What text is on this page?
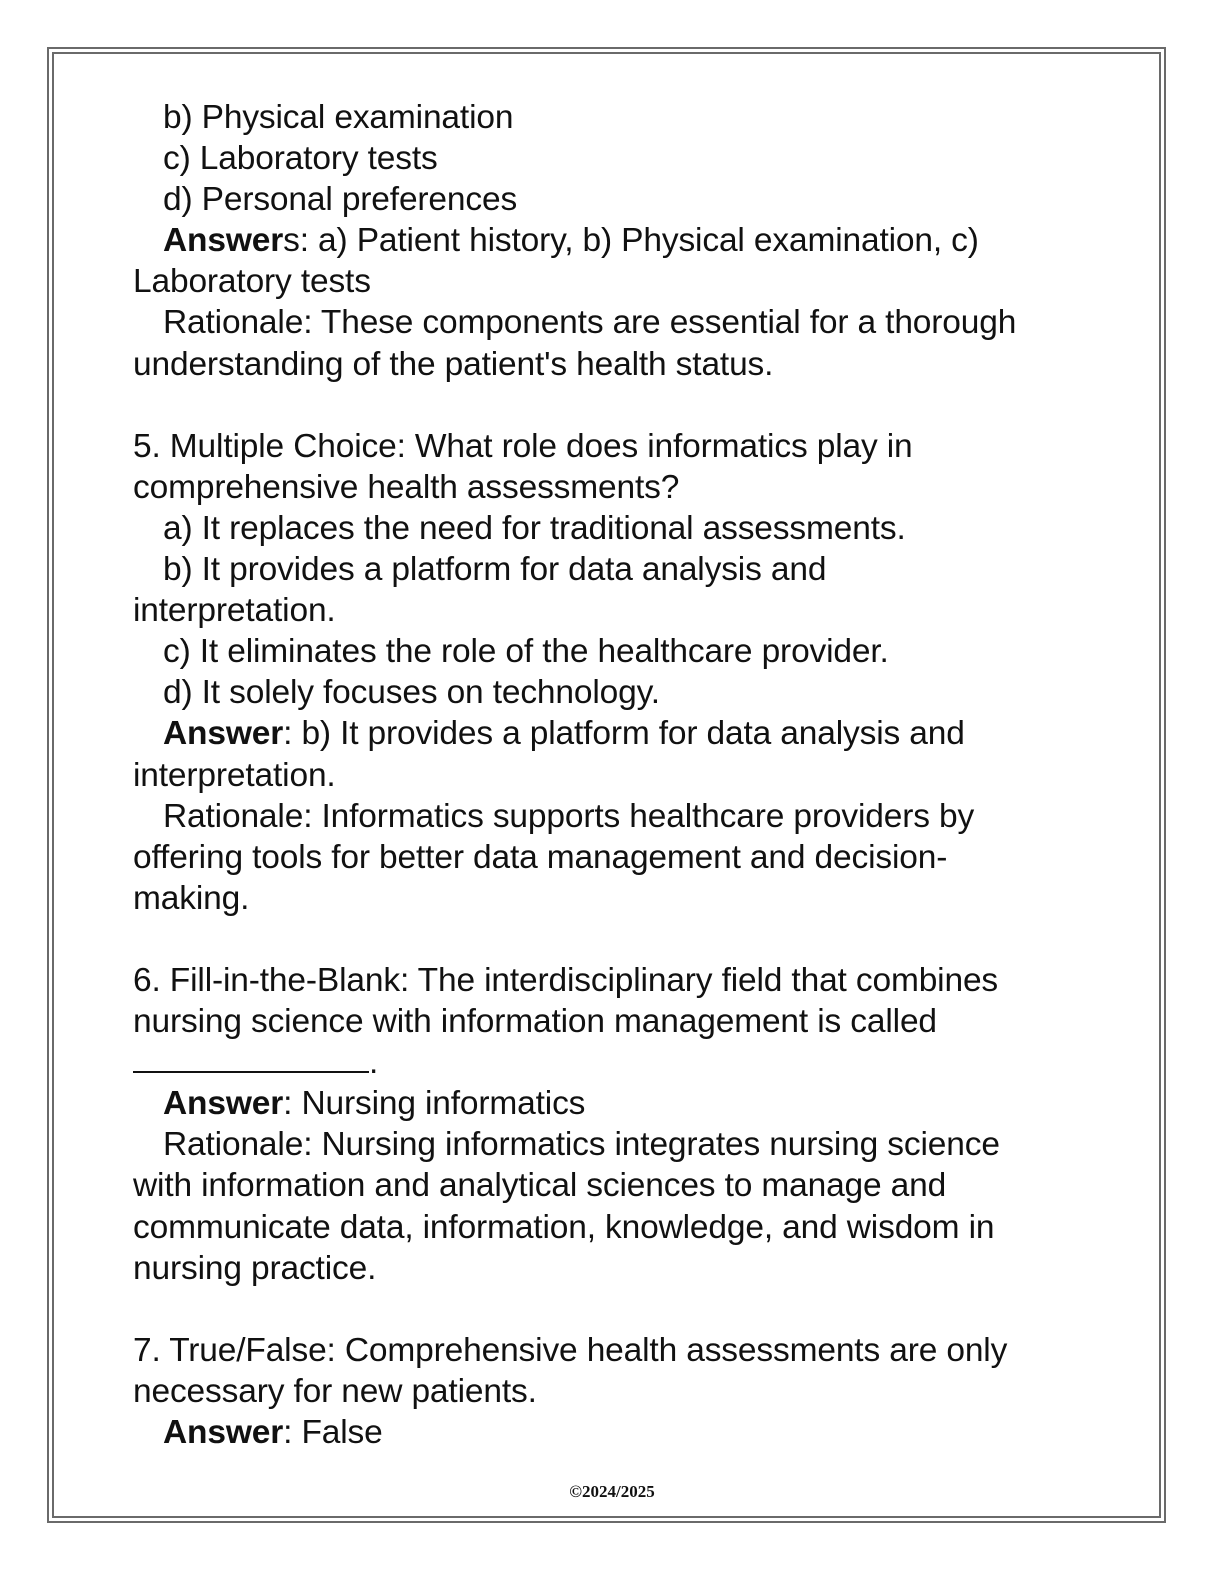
b) Physical examination
c) Laboratory tests
d) Personal preferences
Answers: a) Patient history, b) Physical examination, c)
Laboratory tests
Rationale: These components are essential for a thorough
understanding of the patient's health status.
5. Multiple Choice: What role does informatics play in
comprehensive health assessments?
a) It replaces the need for traditional assessments.
b) It provides a platform for data analysis and
interpretation.
c) It eliminates the role of the healthcare provider.
d) It solely focuses on technology.
Answer: b) It provides a platform for data analysis and
interpretation.
Rationale: Informatics supports healthcare providers by
offering tools for better data management and decision-
making.
6. Fill-in-the-Blank: The interdisciplinary field that combines
nursing science with information management is called
.
Answer: Nursing informatics
Rationale: Nursing informatics integrates nursing science
with information and analytical sciences to manage and
communicate data, information, knowledge, and wisdom in
nursing practice.
7. True/False: Comprehensive health assessments are only
necessary for new patients.
Answer: False
©2024/2025
